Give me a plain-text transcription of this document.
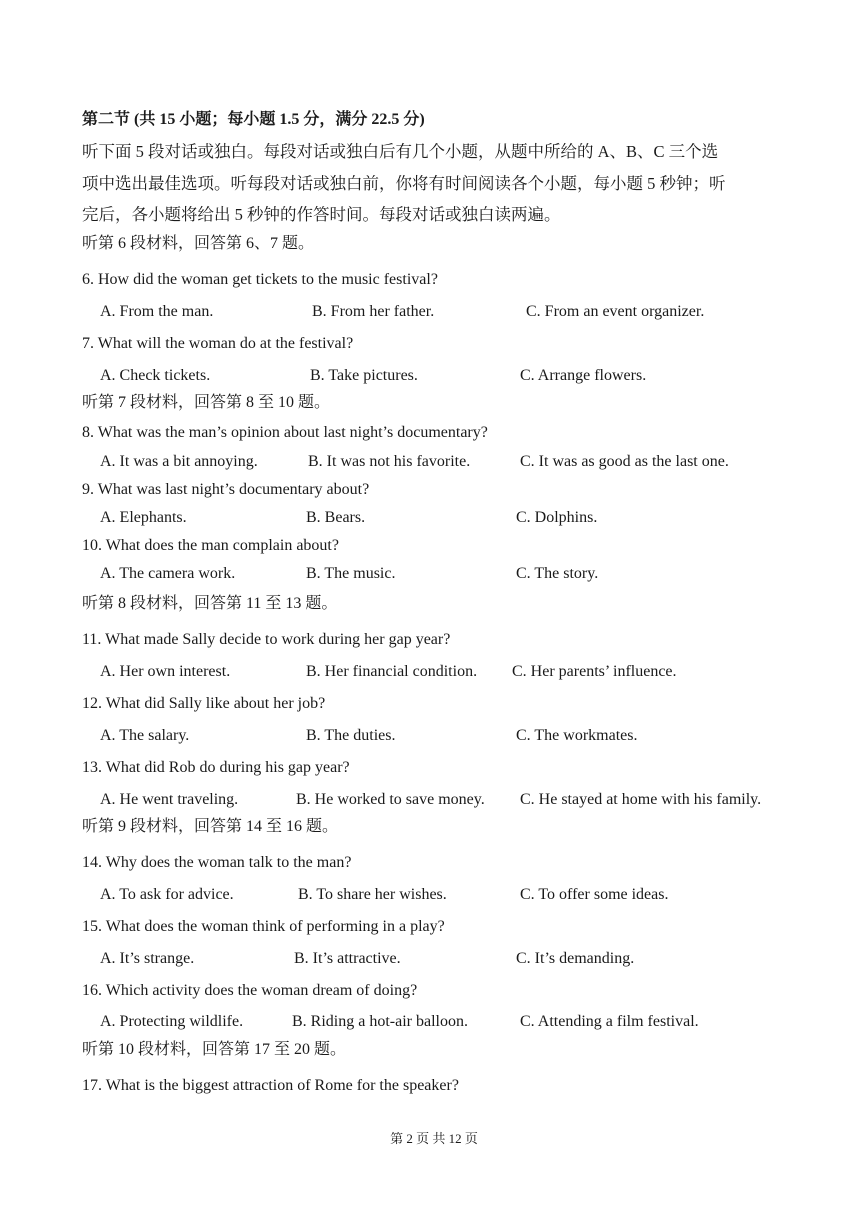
第二节 (共 15 小题；每小题 1.5 分，满分 22.5 分)
听下面 5 段对话或独白。每段对话或独白后有几个小题，从题中所给的 A、B、C 三个选
项中选出最佳选项。听每段对话或独白前，你将有时间阅读各个小题，每小题 5 秒钟；听
完后，各小题将给出 5 秒钟的作答时间。每段对话或独白读两遍。
听第 6 段材料，回答第 6、7 题。
6. How did the woman get tickets to the music festival?
A. From the man.	B. From her father.	C. From an event organizer.
7. What will the woman do at the festival?
A. Check tickets.	B. Take pictures.	C. Arrange flowers.
听第 7 段材料，回答第 8 至 10 题。
8. What was the man’s opinion about last night’s documentary?
A. It was a bit annoying.	B. It was not his favorite.	C. It was as good as the last one.
9. What was last night’s documentary about?
A. Elephants.	B. Bears.	C. Dolphins.
10. What does the man complain about?
A. The camera work.	B. The music.	C. The story.
听第 8 段材料，回答第 11 至 13 题。
11. What made Sally decide to work during her gap year?
A. Her own interest.	B. Her financial condition. C. Her parents’ influence.
12. What did Sally like about her job?
A. The salary.	B. The duties.	C. The workmates.
13. What did Rob do during his gap year?
A. He went traveling.	B. He worked to save money. C. He stayed at home with his family.
听第 9 段材料，回答第 14 至 16 题。
14. Why does the woman talk to the man?
A. To ask for advice.	B. To share her wishes.	C. To offer some ideas.
15. What does the woman think of performing in a play?
A. It’s strange.	B. It’s attractive.	C. It’s demanding.
16. Which activity does the woman dream of doing?
A. Protecting wildlife.	B. Riding a hot-air balloon.	C. Attending a film festival.
听第 10 段材料，回答第 17 至 20 题。
17. What is the biggest attraction of Rome for the speaker?
第 2 页 共 12 页
